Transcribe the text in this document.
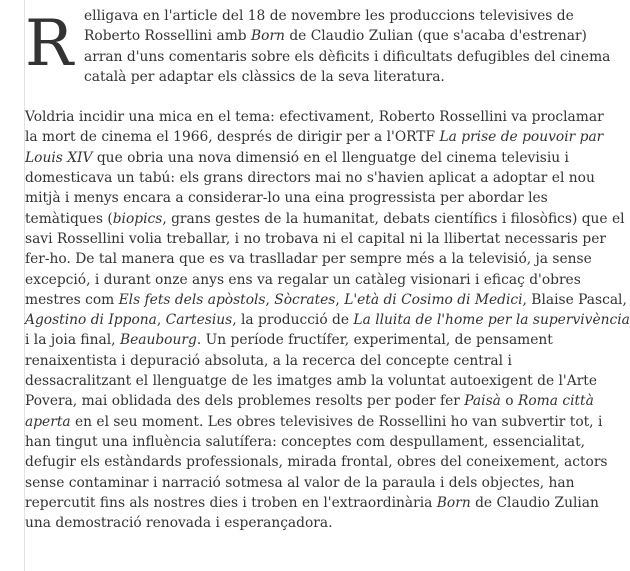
R elligava en l'article del 18 de novembre les produccions televisives de
Roberto Rossellini amb Born de Claudio Zulian (que s'acaba d'estrenar)
arran d'uns comentaris sobre els dèficits i dificultats defugibles del cinema
català per adaptar els clàssics de la seva literatura.
Voldria incidir una mica en el tema: efectivament, Roberto Rossellini va proclamar
la mort de cinema el 1966, després de dirigir per a l'ORTF La prise de pouvoir par
Louis XIV que obria una nova dimensió en el llenguatge del cinema televisiu i
domesticava un tabú: els grans directors mai no s'havien aplicat a adoptar el nou
mitjà i menys encara a considerar-lo una eina progressista per abordar les
temàtiques (biopics, grans gestes de la humanitat, debats científics i filosòfics) que el
savi Rossellini volia treballar, i no trobava ni el capital ni la llibertat necessaris per
fer-ho. De tal manera que es va traslladar per sempre més a la televisió, ja sense
excepció, i durant onze anys ens va regalar un catàleg visionari i eficaç d'obres
mestres com Els fets dels apòstols, Sòcrates, L'età di Cosimo di Medici, Blaise Pascal,
Agostino di Ippona, Cartesius, la producció de La lluita de l'home per la supervivència
i la joia final, Beaubourg. Un període fructífer, experimental, de pensament
renaixentista i depuració absoluta, a la recerca del concepte central i
dessacralitzant el llenguatge de les imatges amb la voluntat autoexigent de l'Arte
Povera, mai oblidada des dels problemes resolts per poder fer Paisà o Roma città
aperta en el seu moment. Les obres televisives de Rossellini ho van subvertir tot, i
han tingut una influència salutífera: conceptes com despullament, essencialitat,
defugir els estàndards professionals, mirada frontal, obres del coneixement, actors
sense contaminar i narració sotmesa al valor de la paraula i dels objectes, han
repercutit fins als nostres dies i troben en l'extraordinària Born de Claudio Zulian
una demostració renovada i esperançadora.
